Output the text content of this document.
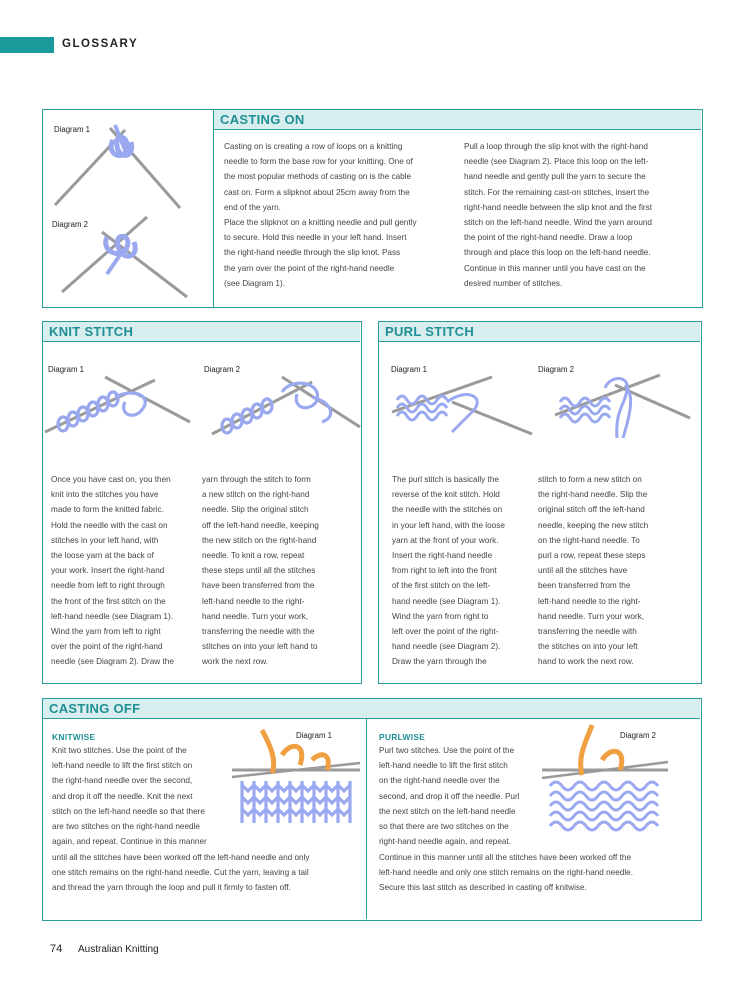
GLOSSARY
CASTING ON
Diagram 1
Diagram 2
Casting on is creating a row of loops on a knitting
needle to form the base row for your knitting. One of
the most popular methods of casting on is the cable
cast on. Form a slipknot about 25cm away from the
end of the yarn.
Place the slipknot on a knitting needle and pull gently
to secure. Hold this needle in your left hand. Insert
the right-hand needle through the slip knot. Pass
the yarn over the point of the right-hand needle
(see Diagram 1).
Pull a loop through the slip knot with the right-hand
needle (see Diagram 2). Place this loop on the left-
hand needle and gently pull the yarn to secure the
stitch. For the remaining cast-on stitches, insert the
right-hand needle between the slip knot and the first
stitch on the left-hand needle. Wind the yarn around
the point of the right-hand needle. Draw a loop
through and place this loop on the left-hand needle.
Continue in this manner until you have cast on the
desired number of stitches.
KNIT STITCH
Diagram 1	Diagram 2
Once you have cast on, you then
knit into the stitches you have
made to form the knitted fabric.
Hold the needle with the cast on
stitches in your left hand, with
the loose yarn at the back of
your work. Insert the right-hand
needle from left to right through
the front of the first stitch on the
left-hand needle (see Diagram 1).
Wind the yarn from left to right
over the point of the right-hand
needle (see Diagram 2). Draw the
yarn through the stitch to form
a new stitch on the right-hand
needle. Slip the original stitch
off the left-hand needle, keeping
the new stitch on the right-hand
needle. To knit a row, repeat
these steps until all the stitches
have been transferred from the
left-hand needle to the right-
hand needle. Turn your work,
transferring the needle with the
stitches on into your left hand to
work the next row.
PURL STITCH
Diagram 1	Diagram 2
The purl stitch is basically the
reverse of the knit stitch. Hold
the needle with the stitches on
in your left hand, with the loose
yarn at the front of your work.
Insert the right-hand needle
from right to left into the front
of the first stitch on the left-
hand needle (see Diagram 1).
Wind the yarn from right to
left over the point of the right-
hand needle (see Diagram 2).
Draw the yarn through the
stitch to form a new stitch on
the right-hand needle. Slip the
original stitch off the left-hand
needle, keeping the new stitch
on the right-hand needle. To
purl a row, repeat these steps
until all the stitches have
been transferred from the
left-hand needle to the right-
hand needle. Turn your work,
transferring the needle with
the stitches on into your left
hand to work the next row.
CASTING OFF
KNITWISE	Diagram 1
Knit two stitches. Use the point of the
left-hand needle to lift the first stitch on
the right-hand needle over the second,
and drop it off the needle. Knit the next
stitch on the left-hand needle so that there
are two stitches on the right-hand needle
again, and repeat. Continue in this manner
until all the stitches have been worked off the left-hand needle and only
one stitch remains on the right-hand needle. Cut the yarn, leaving a tail
and thread the yarn through the loop and pull it firmly to fasten off.
PURLWISE	Diagram 2
Purl two stitches. Use the point of the
left-hand needle to lift the first stitch
on the right-hand needle over the
second, and drop it off the needle. Purl
the next stitch on the left-hand needle
so that there are two stitches on the
right-hand needle again, and repeat.
Continue in this manner until all the stitches have been worked off the
left-hand needle and only one stitch remains on the right-hand needle.
Secure this last stitch as described in casting off knitwise.
74 Australian Knitting
